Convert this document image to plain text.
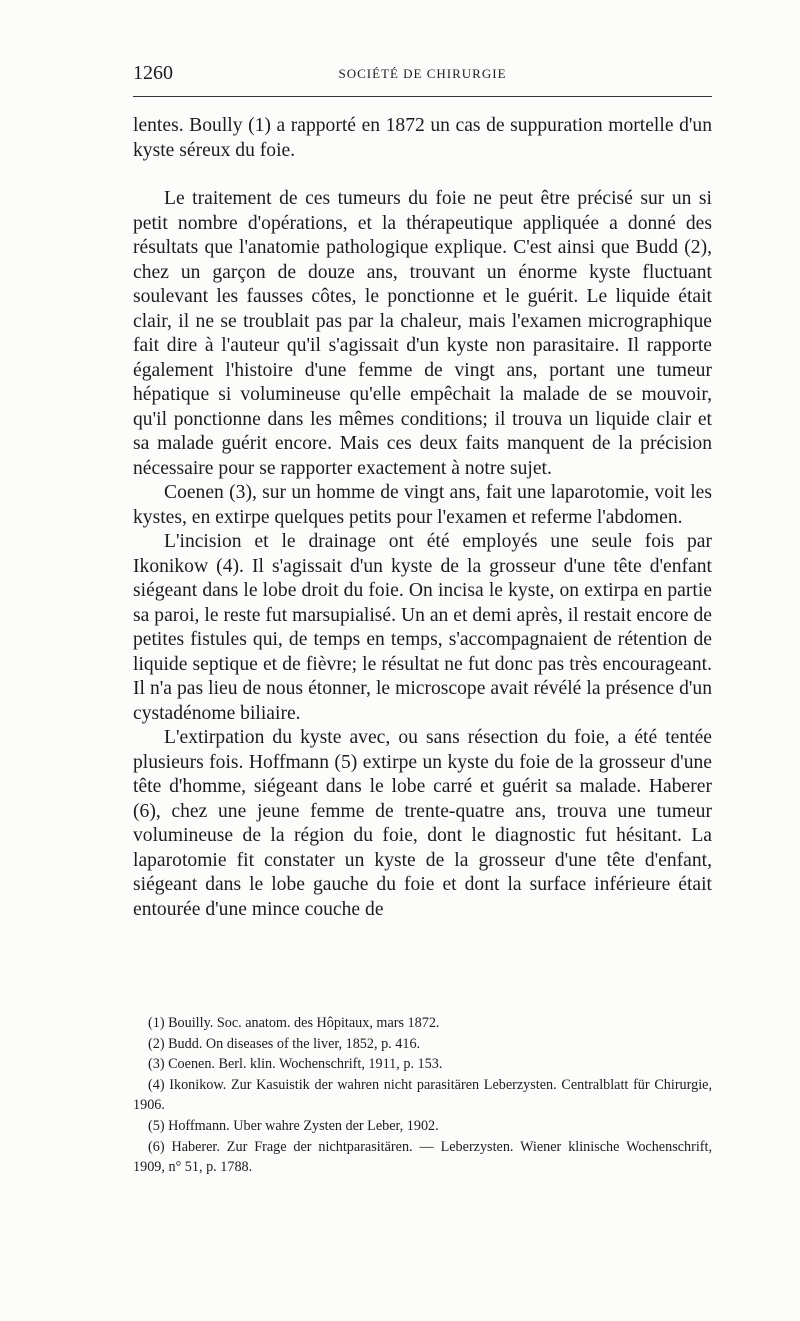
1260	SOCIÉTÉ DE CHIRURGIE

lentes. Boully (1) a rapporté en 1872 un cas de suppuration mortelle d'un kyste séreux du foie.

Le traitement de ces tumeurs du foie ne peut être précisé sur un si petit nombre d'opérations, et la thérapeutique appliquée a donné des résultats que l'anatomie pathologique explique. C'est ainsi que Budd (2), chez un garçon de douze ans, trouvant un énorme kyste fluctuant soulevant les fausses côtes, le ponctionne et le guérit. Le liquide était clair, il ne se troublait pas par la chaleur, mais l'examen micrographique fait dire à l'auteur qu'il s'agissait d'un kyste non parasitaire. Il rapporte également l'histoire d'une femme de vingt ans, portant une tumeur hépatique si volumineuse qu'elle empêchait la malade de se mouvoir, qu'il ponctionne dans les mêmes conditions; il trouva un liquide clair et sa malade guérit encore. Mais ces deux faits manquent de la précision nécessaire pour se rapporter exactement à notre sujet.

Coenen (3), sur un homme de vingt ans, fait une laparotomie, voit les kystes, en extirpe quelques petits pour l'examen et referme l'abdomen.

L'incision et le drainage ont été employés une seule fois par Ikonikow (4). Il s'agissait d'un kyste de la grosseur d'une tête d'enfant siégeant dans le lobe droit du foie. On incisa le kyste, on extirpa en partie sa paroi, le reste fut marsupialisé. Un an et demi après, il restait encore de petites fistules qui, de temps en temps, s'accompagnaient de rétention de liquide septique et de fièvre; le résultat ne fut donc pas très encourageant. Il n'a pas lieu de nous étonner, le microscope avait révélé la présence d'un cystadénome biliaire.

L'extirpation du kyste avec, ou sans résection du foie, a été tentée plusieurs fois. Hoffmann (5) extirpe un kyste du foie de la grosseur d'une tête d'homme, siégeant dans le lobe carré et guérit sa malade. Haberer (6), chez une jeune femme de trente-quatre ans, trouva une tumeur volumineuse de la région du foie, dont le diagnostic fut hésitant. La laparotomie fit constater un kyste de la grosseur d'une tête d'enfant, siégeant dans le lobe gauche du foie et dont la surface inférieure était entourée d'une mince couche de

(1) Bouilly. Soc. anatom. des Hôpitaux, mars 1872.

(2) Budd. On diseases of the liver, 1852, p. 416.

(3) Coenen. Berl. klin. Wochenschrift, 1911, p. 153.

(4) Ikonikow. Zur Kasuistik der wahren nicht parasitären Leberzysten. Centralblatt für Chirurgie, 1906.

(5) Hoffmann. Uber wahre Zysten der Leber, 1902.

(6) Haberer. Zur Frage der nichtparasitären. — Leberzysten. Wiener klinische Wochenschrift, 1909, n° 51, p. 1788.
